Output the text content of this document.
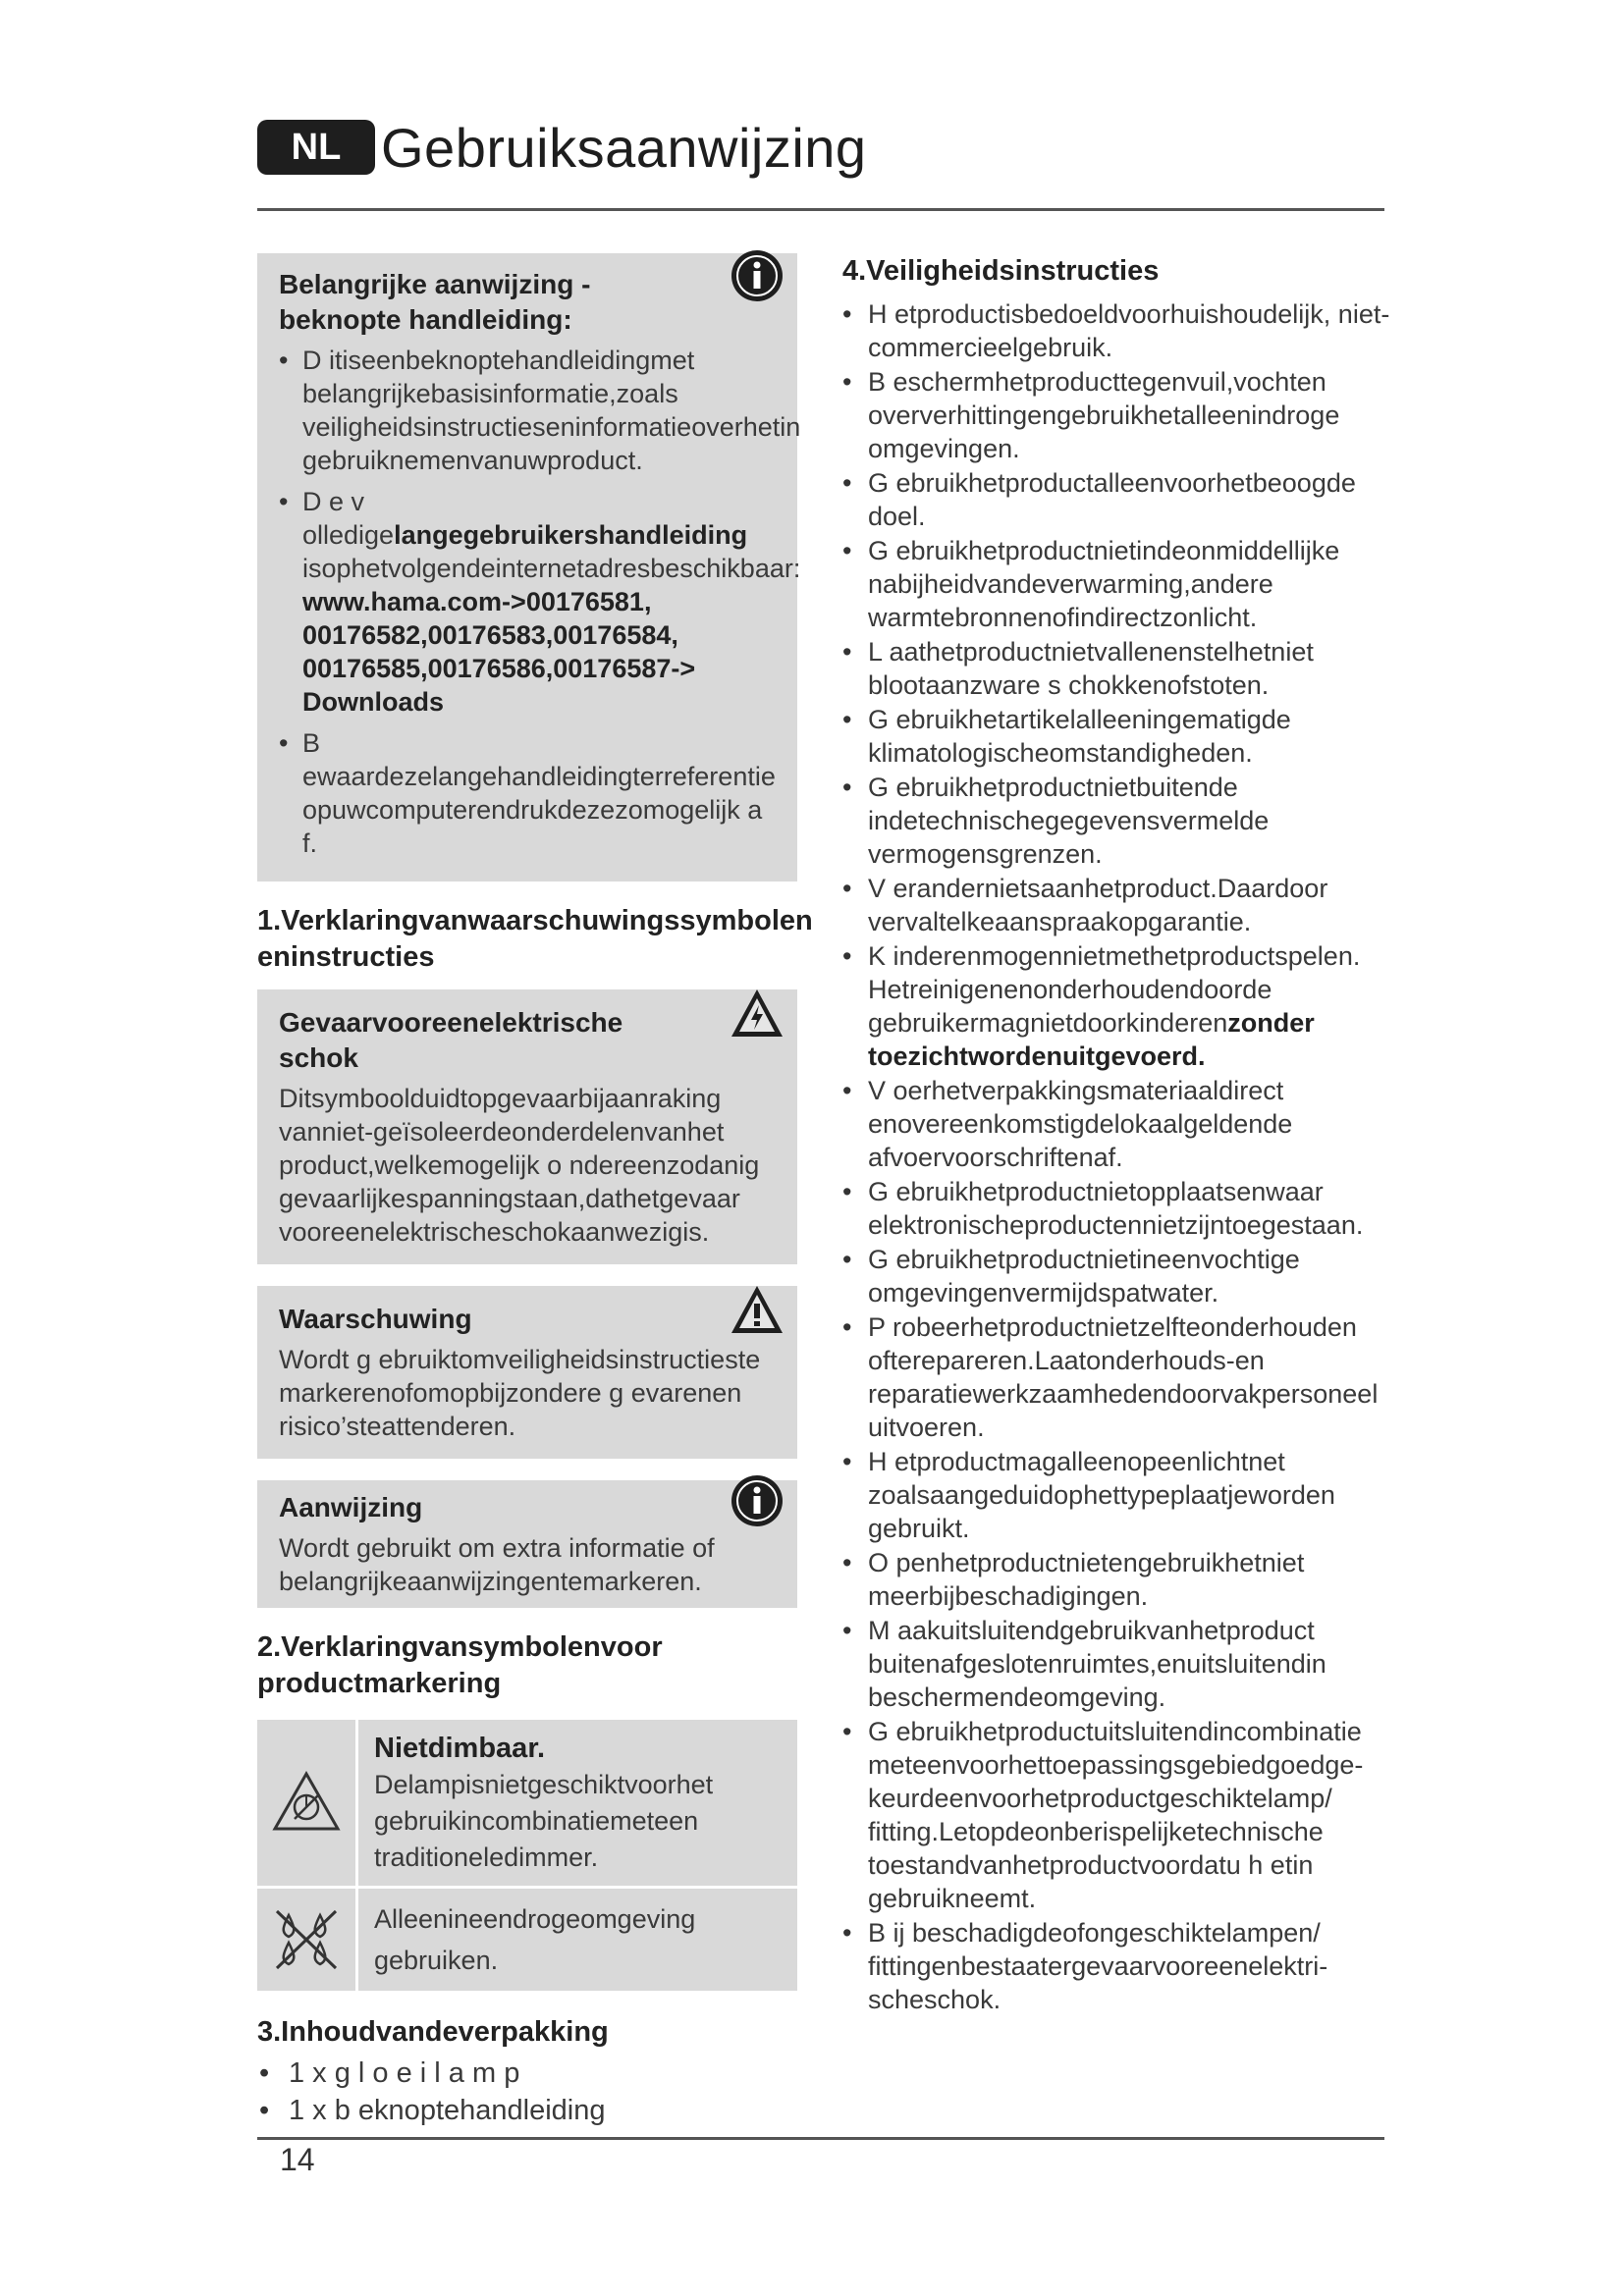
NL Gebruiksaanwijzing
Belangrijke aanwijzing - beknopte handleiding:
• D itiseenbeknoptehandleidingmet belangrijkebasisinformatie,zoals veiligheidsinstructieseninformatieoverhetin gebruiknemenvanuwproduct.
• D e v olledigelangegebruikershandleiding isophetvolgendeinternetadresbeschikbaar:
www.hama.com->00176581, 00176582,00176583,00176584, 00176585,00176586,00176587-> Downloads
• B ewaardezelangehandleidingterreferentie opuwcomputerendrukdezezomogelijk a f.
1.Verklaringvanwaarschuwingssymbolen eninstructies
Gevaarvooreenelektrische schok
Ditsymboolduidtopgevaarbijaanraking vanniet-geïsoleerdeonderdelenvanhet product,welkemogelijk o ndereenzodanig gevaarlijkespanningstaan,dathetgevaar vooreenelektrischeschokaanwezigis.
Waarschuwing
Wordt g ebruiktomveiligheidsinstructieste markerenofomopbijzondere g evarenen risico’steattenderen.
Aanwijzing
Wordt gebruikt om extra informatie of belangrijkeaanwijzingentemarkeren.
2.Verklaringvansymbolenvoor productmarkering
Nietdimbaar.
Delampisnietgeschiktvoorhet gebruikincombinatiemeteen traditioneledimmer.
Alleenineendrogeomgeving gebruiken.
3.Inhoudvandeverpakking
• 1 x g l o e i l a m p
• 1 x b eknoptehandleiding
4.Veiligheidsinstructies
• H etproductisbedoeldvoorhuishoudelijk, niet-commercieelgebruik.
• B eschermhetproducttegenvuil,vochten oververhittingengebruikhetalleenindroge omgevingen.
• G ebruikhetproductalleenvoorhetbeoogde doel.
• G ebruikhetproductnietindeonmiddellijke nabijheidvandeverwarming,andere warmtebronnenofindirectzonlicht.
• L aathetproductnietvallenenstelhetniet blootaanzware s chokkenofstoten.
• G ebruikhetartikelalleeningematigde klimatologischeomstandigheden.
• G ebruikhetproductnietbuitende indetechnischegegevensvermelde vermogensgrenzen.
• V erandernietsaanhetproduct.Daardoor vervaltelkeaanspraakopgarantie.
• K inderenmogennietmethetproductspelen. Hetreinigenenonderhoudendoorde gebruikermagnietdoorkinderenzonder toezichtwordenuitgevoerd.
• V oerhetverpakkingsmateriaaldirect enovereenkomstigdelokaalgeldende afvoervoorschriftenaf.
• G ebruikhetproductnietopplaatsenwaar elektronischeproductennietzijntoegestaan.
• G ebruikhetproductnietineenvochtige omgevingenvermijdspatwater.
• P robeerhetproductnietzelfteonderhouden ofterepareren.Laatonderhouds-en reparatiewerkzaamhedendoorvakpersoneel uitvoeren.
• H etproductmagalleenopeenlichtnet zoalsaangeduidophettypeplaatjeworden gebruikt.
• O penhetproductnietengebruikhetniet meerbijbeschadigingen.
• M aakuitsluitendgebruikvanhetproduct buitenafgeslotenruimtes,enuitsluitendin beschermendeomgeving.
• G ebruikhetproductuitsluitendincombinatie meteenvoorhettoepassingsgebiedgoedge- keurdeenvoorhetproductgeschiktelamp/ fitting.Letopdeonberispelijketechnische toestandvanhetproductvoordatu h etin gebruikneemt.
• B ij beschadigdeofongeschiktelampen/ fittingenbestaatergevaarvooreenelektri- scheschok.
14
